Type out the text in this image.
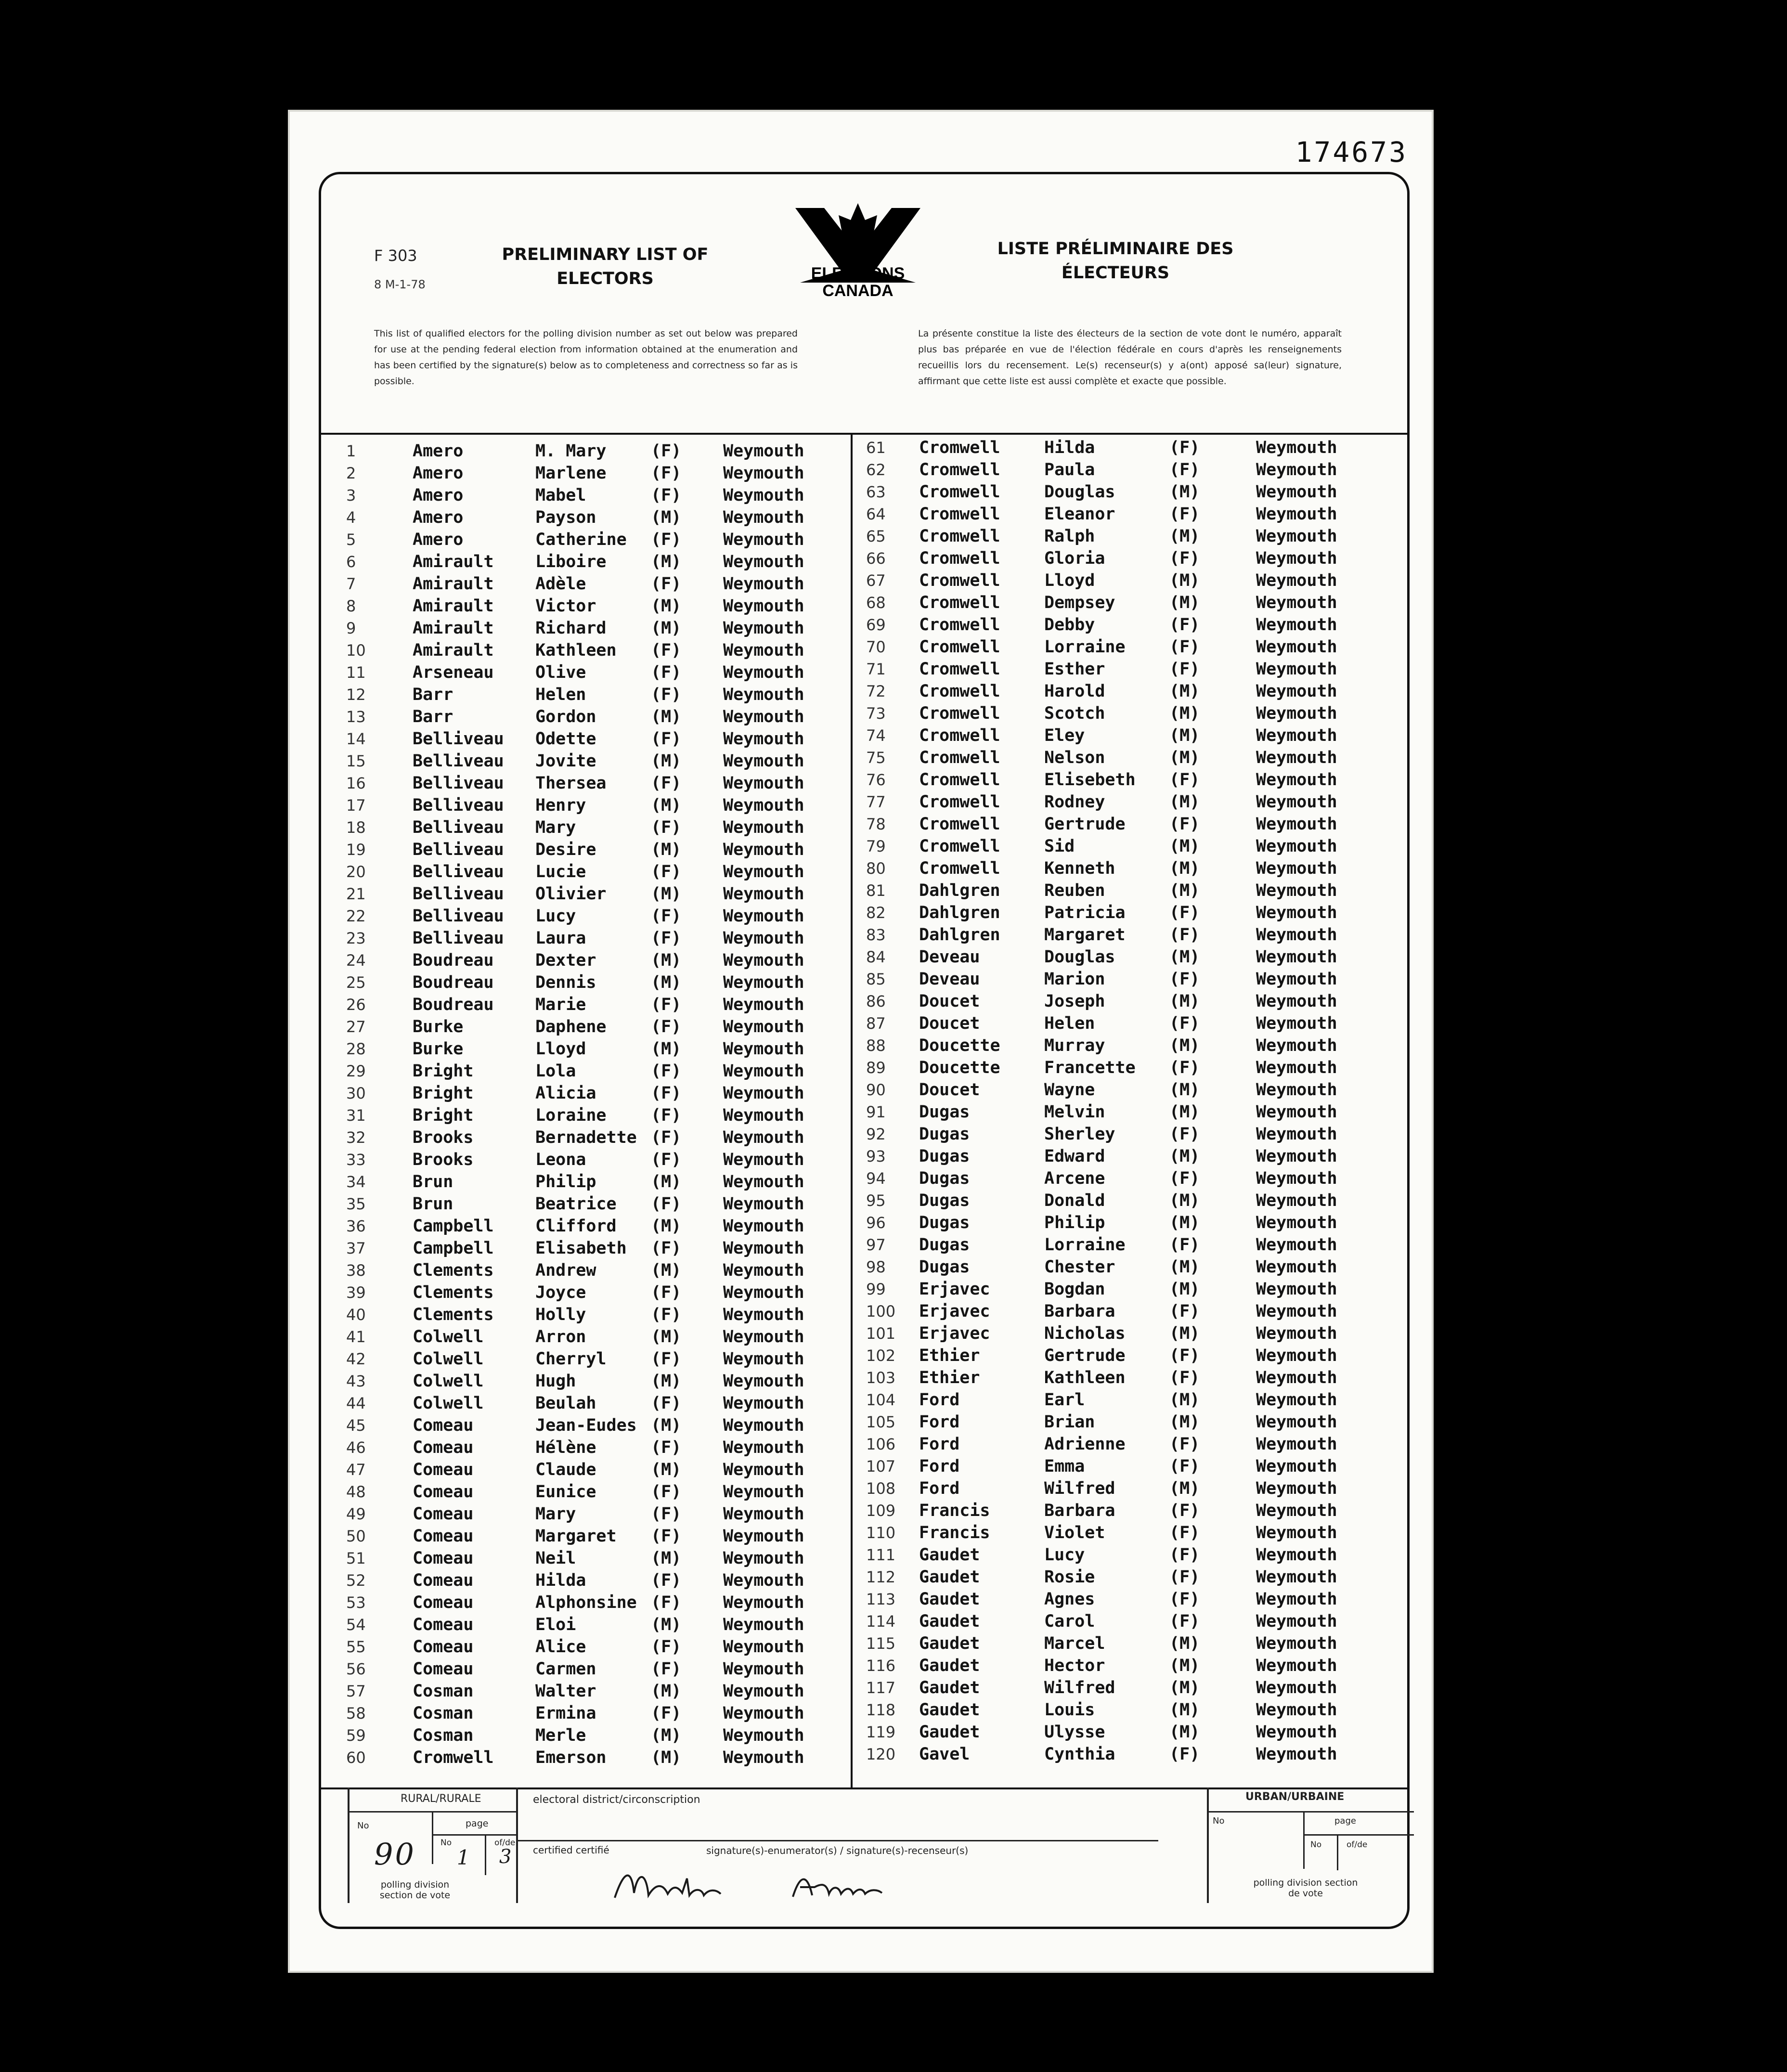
174673
F 303
8 M-1-78
PRELIMINARY LIST OF ELECTORS
LISTE PRÉLIMINAIRE DES ÉLECTEURS
ELECTIONS
CANADA
This list of qualified electors for the polling division number as set out below was prepared for use at the pending federal election from information obtained at the enumeration and has been certified by the signature(s) below as to completeness and correctness so far as is possible.
La présente constitue la liste des électeurs de la section de vote dont le numéro, apparaît plus bas préparée en vue de l'élection fédérale en cours d'après les renseignements recueillis lors du recensement. Le(s) recenseur(s) y a(ont) apposé sa(leur) signature, affirmant que cette liste est aussi complète et exacte que possible.
1	Amero	M. Mary	(F) Weymouth
2	Amero	Marlene	(F) Weymouth
3	Amero	Mabel	(F) Weymouth
4	Amero	Payson	(M) Weymouth
5	Amero	Catherine (F) Weymouth
6	Amirault Liboire	(M) Weymouth
7	Amirault Adèle	(F) Weymouth
8	Amirault Victor	(M) Weymouth
9	Amirault Richard	(M) Weymouth
10	Amirault Kathleen (F) Weymouth
11	Arseneau Olive	(F) Weymouth
12	Barr	Helen	(F) Weymouth
13	Barr	Gordon	(M) Weymouth
14	Belliveau Odette	(F) Weymouth
15	Belliveau Jovite	(M) Weymouth
16	Belliveau Thersea	(F) Weymouth
17	Belliveau Henry	(M) Weymouth
18	Belliveau Mary	(F) Weymouth
19	Belliveau Desire	(M) Weymouth
20	Belliveau Lucie	(F) Weymouth
21	Belliveau Olivier	(M) Weymouth
22	Belliveau Lucy	(F) Weymouth
23	Belliveau Laura	(F) Weymouth
24	Boudreau Dexter	(M) Weymouth
25	Boudreau Dennis	(M) Weymouth
26	Boudreau Marie	(F) Weymouth
27	Burke	Daphene	(F) Weymouth
28	Burke	Lloyd	(M) Weymouth
29	Bright	Lola	(F) Weymouth
30	Bright	Alicia	(F) Weymouth
31	Bright	Loraine	(F) Weymouth
32	Brooks	Bernadette (F) Weymouth
33	Brooks	Leona	(F) Weymouth
34	Brun	Philip	(M) Weymouth
35	Brun	Beatrice (F) Weymouth
36	Campbell Clifford (M) Weymouth
37	Campbell Elisabeth (F) Weymouth
38	Clements Andrew	(M) Weymouth
39	Clements Joyce	(F) Weymouth
40	Clements Holly	(F) Weymouth
41	Colwell	Arron	(M) Weymouth
42	Colwell	Cherryl	(F) Weymouth
43	Colwell	Hugh	(M) Weymouth
44	Colwell	Beulah	(F) Weymouth
45	Comeau	Jean-Eudes (M) Weymouth
46	Comeau	Hélène	(F) Weymouth
47	Comeau	Claude	(M) Weymouth
48	Comeau	Eunice	(F) Weymouth
49	Comeau	Mary	(F) Weymouth
50	Comeau	Margaret (F) Weymouth
51	Comeau	Neil	(M) Weymouth
52	Comeau	Hilda	(F) Weymouth
53	Comeau	Alphonsine (F) Weymouth
54	Comeau	Eloi	(M) Weymouth
55	Comeau	Alice	(F) Weymouth
56	Comeau	Carmen	(F) Weymouth
57	Cosman	Walter	(M) Weymouth
58	Cosman	Ermina	(F) Weymouth
59	Cosman	Merle	(M) Weymouth
60	Cromwell Emerson	(M) Weymouth
61 Cromwell	Hilda	(F)	Weymouth
62 Cromwell	Paula	(F)	Weymouth
63 Cromwell	Douglas	(M)	Weymouth
64 Cromwell	Eleanor	(F)	Weymouth
65 Cromwell	Ralph	(M)	Weymouth
66 Cromwell	Gloria	(F)	Weymouth
67 Cromwell	Lloyd	(M)	Weymouth
68 Cromwell	Dempsey	(M)	Weymouth
69 Cromwell	Debby	(F)	Weymouth
70 Cromwell	Lorraine	(F)	Weymouth
71 Cromwell	Esther	(F)	Weymouth
72 Cromwell	Harold	(M)	Weymouth
73 Cromwell	Scotch	(M)	Weymouth
74 Cromwell	Eley	(M)	Weymouth
75 Cromwell	Nelson	(M)	Weymouth
76 Cromwell	Elisebeth (F)	Weymouth
77 Cromwell	Rodney	(M)	Weymouth
78 Cromwell	Gertrude	(F)	Weymouth
79 Cromwell	Sid	(M)	Weymouth
80 Cromwell	Kenneth	(M)	Weymouth
81 Dahlgren	Reuben	(M)	Weymouth
82 Dahlgren	Patricia	(F)	Weymouth
83 Dahlgren	Margaret	(F)	Weymouth
84 Deveau	Douglas	(M)	Weymouth
85 Deveau	Marion	(F)	Weymouth
86 Doucet	Joseph	(M)	Weymouth
87 Doucet	Helen	(F)	Weymouth
88 Doucette	Murray	(M)	Weymouth
89 Doucette	Francette (F)	Weymouth
90 Doucet	Wayne	(M)	Weymouth
91 Dugas	Melvin	(M)	Weymouth
92 Dugas	Sherley	(F)	Weymouth
93 Dugas	Edward	(M)	Weymouth
94 Dugas	Arcene	(F)	Weymouth
95 Dugas	Donald	(M)	Weymouth
96 Dugas	Philip	(M)	Weymouth
97 Dugas	Lorraine	(F)	Weymouth
98 Dugas	Chester	(M)	Weymouth
99 Erjavec	Bogdan	(M)	Weymouth
100 Erjavec	Barbara	(F)	Weymouth
101 Erjavec	Nicholas	(M)	Weymouth
102 Ethier	Gertrude	(F)	Weymouth
103 Ethier	Kathleen	(F)	Weymouth
104 Ford	Earl	(M)	Weymouth
105 Ford	Brian	(M)	Weymouth
106 Ford	Adrienne	(F)	Weymouth
107 Ford	Emma	(F)	Weymouth
108 Ford	Wilfred	(M)	Weymouth
109 Francis	Barbara	(F)	Weymouth
110 Francis	Violet	(F)	Weymouth
111 Gaudet	Lucy	(F)	Weymouth
112 Gaudet	Rosie	(F)	Weymouth
113 Gaudet	Agnes	(F)	Weymouth
114 Gaudet	Carol	(F)	Weymouth
115 Gaudet	Marcel	(M)	Weymouth
116 Gaudet	Hector	(M)	Weymouth
117 Gaudet	Wilfred	(M)	Weymouth
118 Gaudet	Louis	(M)	Weymouth
119 Gaudet	Ulysse	(M)	Weymouth
120 Gavel	Cynthia	(F)	Weymouth
RURAL/RURALE
No	page
No	of/de
90 1 3
polling division section de vote
electoral district/circonscription
certified certifié	signature(s)-enumerator(s) / signature(s)-recenseur(s)
URBAN/URBAINE
No	page
No	of/de
polling division section de vote
